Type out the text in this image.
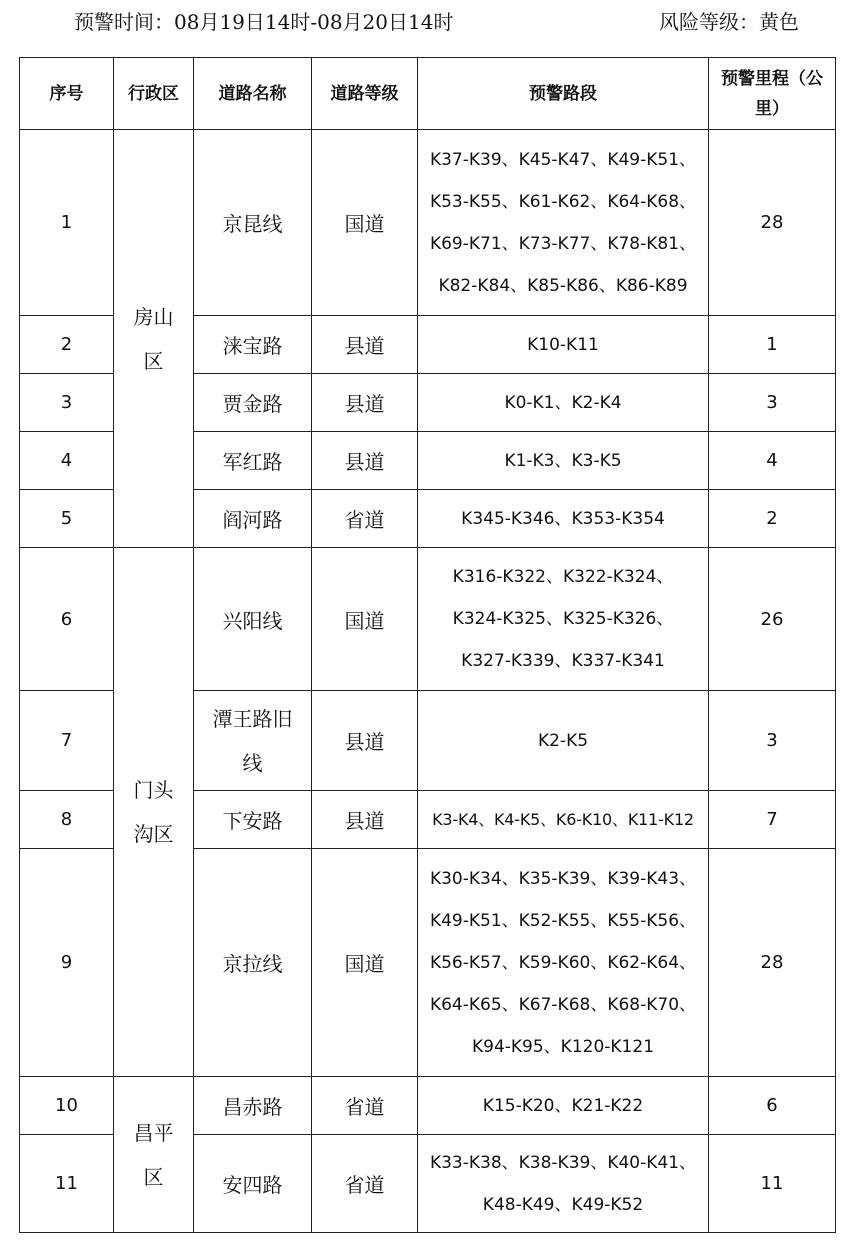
预警时间：08月19日14时-08月20日14时	风险等级：黄色
序号	行政区	道路名称	道路等级	预警路段	预警里程（公里）
1	房山区	京昆线	国道	K37-K39、K45-K47、K49-K51、
K53-K55、K61-K62、K64-K68、
K69-K71、K73-K77、K78-K81、
K82-K84、K85-K86、K86-K89	28
2		涞宝路	县道	K10-K11	1
3		贾金路	县道	K0-K1、K2-K4	3
4		军红路	县道	K1-K3、K3-K5	4
5		阎河路	省道	K345-K346、K353-K354	2
6	门头沟区	兴阳线	国道	K316-K322、K322-K324、
K324-K325、K325-K326、
K327-K339、K337-K341	26
7		潭王路旧线	县道	K2-K5	3
8		下安路	县道	K3-K4、K4-K5、K6-K10、K11-K12	7
9		京拉线	国道	K30-K34、K35-K39、K39-K43、
K49-K51、K52-K55、K55-K56、
K56-K57、K59-K60、K62-K64、
K64-K65、K67-K68、K68-K70、
K94-K95、K120-K121	28
10	昌平区	昌赤路	省道	K15-K20、K21-K22	6
11		安四路	省道	K33-K38、K38-K39、K40-K41、
K48-K49、K49-K52	11
